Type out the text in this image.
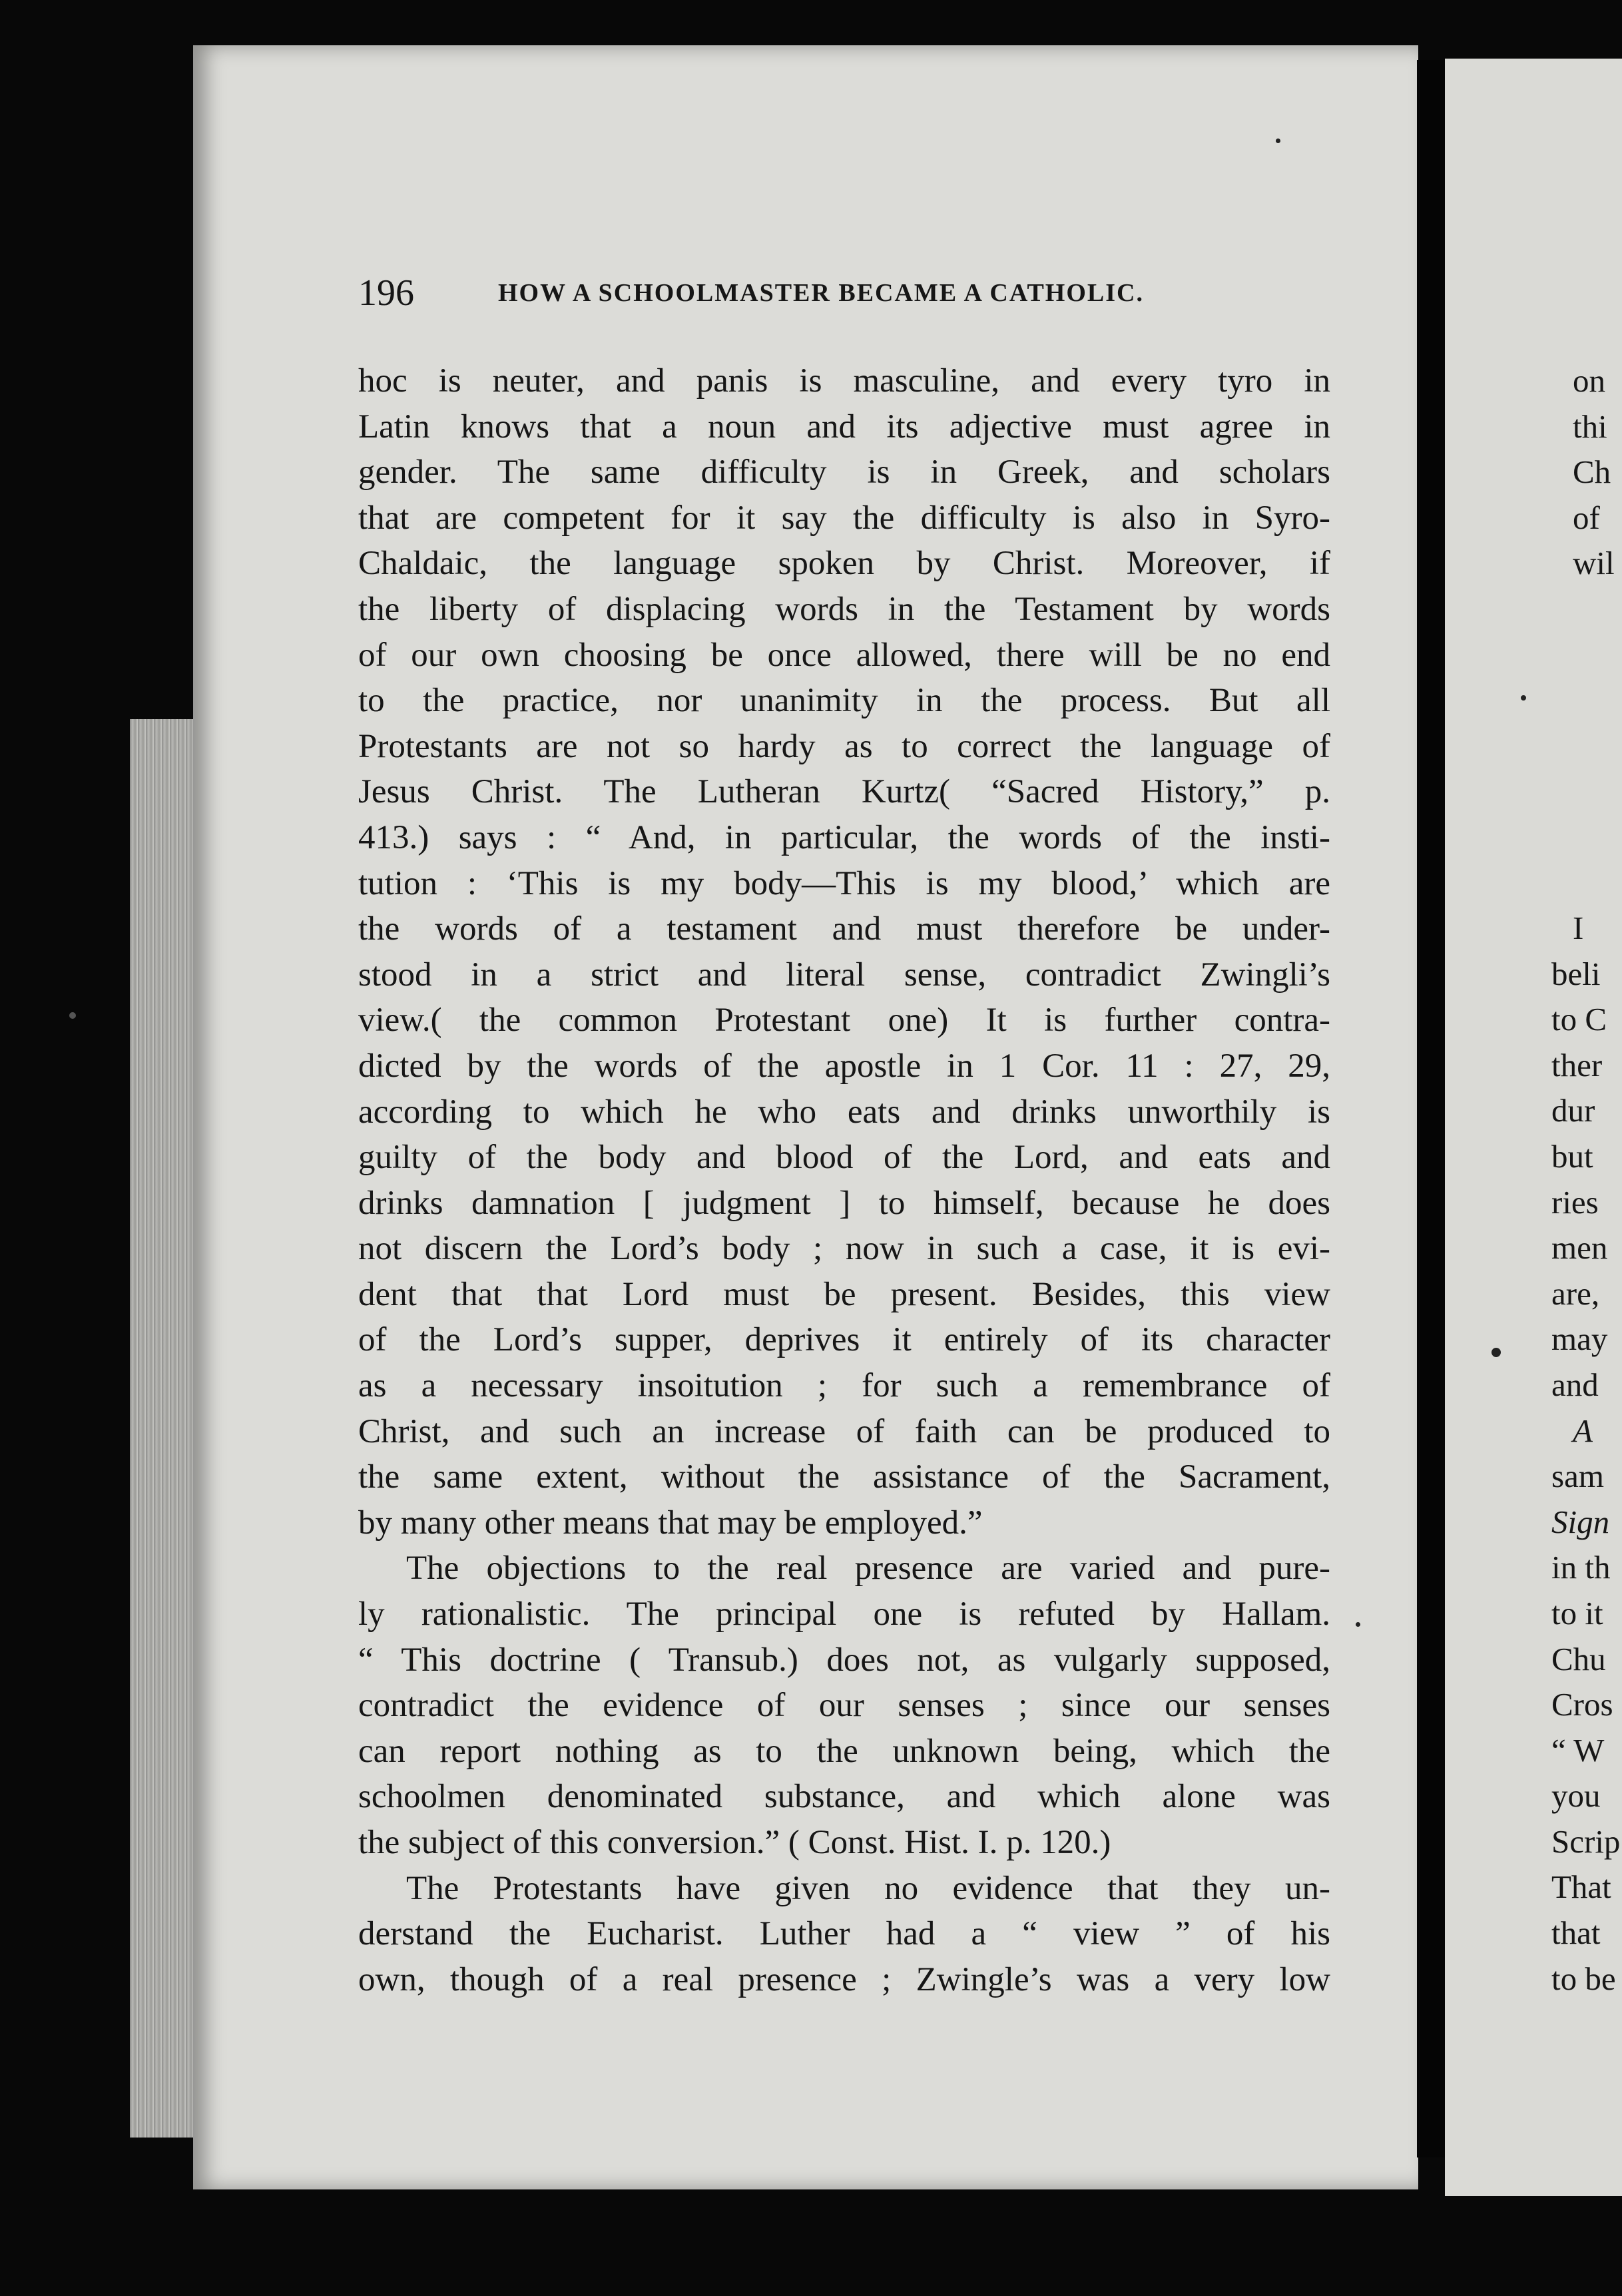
196	HOW A SCHOOLMASTER BECAME A CATHOLIC.
hoc is neuter, and panis is masculine, and every tyro in
Latin knows that a noun and its adjective must agree in
gender. The same difficulty is in Greek, and scholars
that are competent for it say the difficulty is also in Syro-
Chaldaic, the language spoken by Christ. Moreover, if
the liberty of displacing words in the Testament by words
of our own choosing be once allowed, there will be no end
to the practice, nor unanimity in the process. But all
Protestants are not so hardy as to correct the language of
Jesus Christ. The Lutheran Kurtz( “Sacred History,” p.
413.) says : “ And, in particular, the words of the insti-
tution : ‘This is my body—This is my blood,’ which are
the words of a testament and must therefore be under-
stood in a strict and literal sense, contradict Zwingli’s
view.( the common Protestant one) It is further contra-
dicted by the words of the apostle in 1 Cor. 11 : 27, 29,
according to which he who eats and drinks unworthily is
guilty of the body and blood of the Lord, and eats and
drinks damnation [ judgment ] to himself, because he does
not discern the Lord’s body ; now in such a case, it is evi-
dent that that Lord must be present. Besides, this view
of the Lord’s supper, deprives it entirely of its character
as a necessary insoitution ; for such a remembrance of
Christ, and such an increase of faith can be produced to
the same extent, without the assistance of the Sacrament,
by many other means that may be employed.”
The objections to the real presence are varied and pure-
ly rationalistic. The principal one is refuted by Hallam.
“ This doctrine ( Transub.) does not, as vulgarly supposed,
contradict the evidence of our senses ; since our senses
can report nothing as to the unknown being, which the
schoolmen denominated substance, and which alone was
the subject of this conversion.” ( Const. Hist. I. p. 120.)
The Protestants have given no evidence that they un-
derstand the Eucharist. Luther had a “ view ” of his
own, though of a real presence ; Zwingle’s was a very low
on
thi
Ch
of
wil
I
beli
to C
ther
dur
but
ries
men
are,
may
and
A
sam
Sign
in th
to it
Chu
Cros
“ W
you
Scrip
That
that
to be
